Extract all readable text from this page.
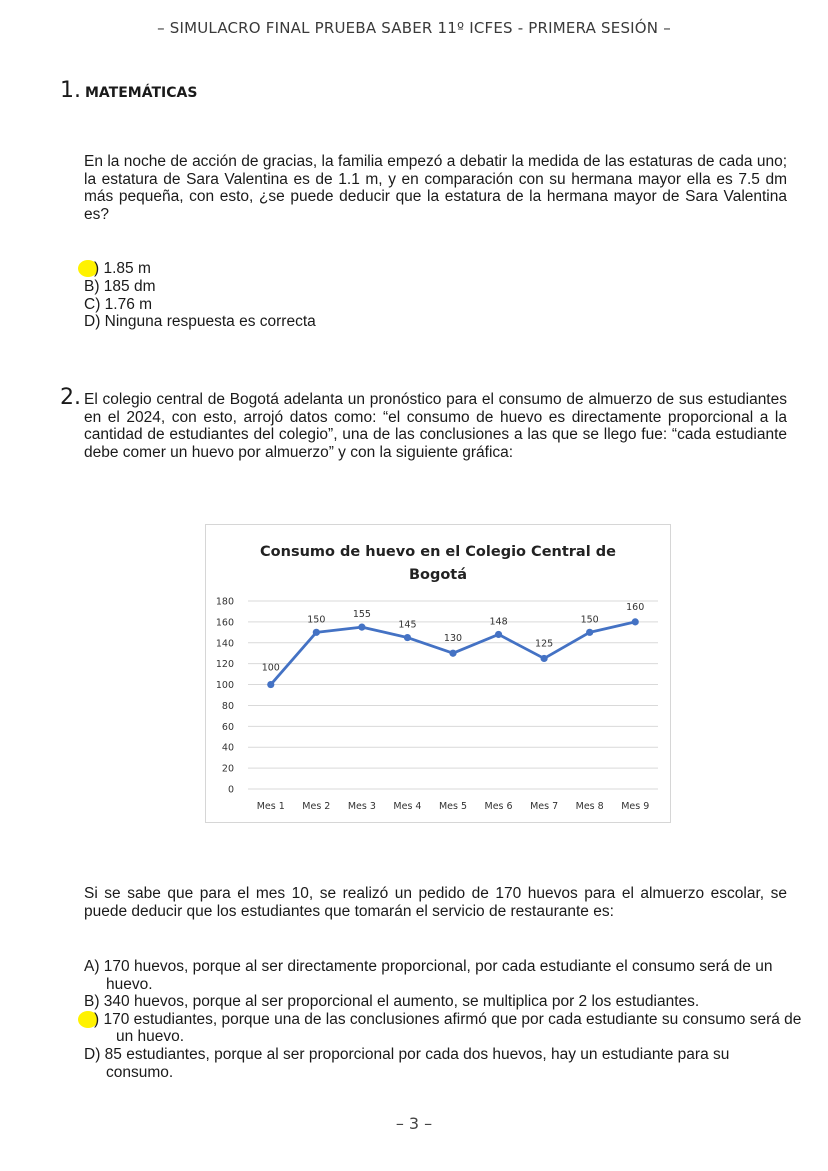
– SIMULACRO FINAL PRUEBA SABER 11º ICFES - PRIMERA SESIÓN –
1. MATEMÁTICAS
En la noche de acción de gracias, la familia empezó a debatir la medida de las estaturas de cada uno; la estatura de Sara Valentina es de 1.1 m, y en comparación con su hermana mayor ella es 7.5 dm más pequeña, con esto, ¿se puede deducir que la estatura de la hermana mayor de Sara Valentina es?
) 1.85 m
B) 185 dm
C) 1.76 m
D) Ninguna respuesta es correcta
2. El colegio central de Bogotá adelanta un pronóstico para el consumo de almuerzo de sus estudiantes en el 2024, con esto, arrojó datos como: “el consumo de huevo es directamente proporcional a la cantidad de estudiantes del colegio”, una de las conclusiones a las que se llego fue: “cada estudiante debe comer un huevo por almuerzo” y con la siguiente gráfica:
Consumo de huevo en el Colegio Central de
Bogotá
0
20
40
60
80
100
120
140
160
180
Mes 1 Mes 2 Mes 3 Mes 4 Mes 5 Mes 6 Mes 7 Mes 8 Mes 9
100
150	155
145
130
148
125
150
160
Si se sabe que para el mes 10, se realizó un pedido de 170 huevos para el almuerzo escolar, se puede deducir que los estudiantes que tomarán el servicio de restaurante es:
A) 170 huevos, porque al ser directamente proporcional, por cada estudiante el consumo será de un huevo.
B) 340 huevos, porque al ser proporcional el aumento, se multiplica por 2 los estudiantes.
) 170 estudiantes, porque una de las conclusiones afirmó que por cada estudiante su consumo será de un huevo.
D) 85 estudiantes, porque al ser proporcional por cada dos huevos, hay un estudiante para su consumo.
– 3 –
